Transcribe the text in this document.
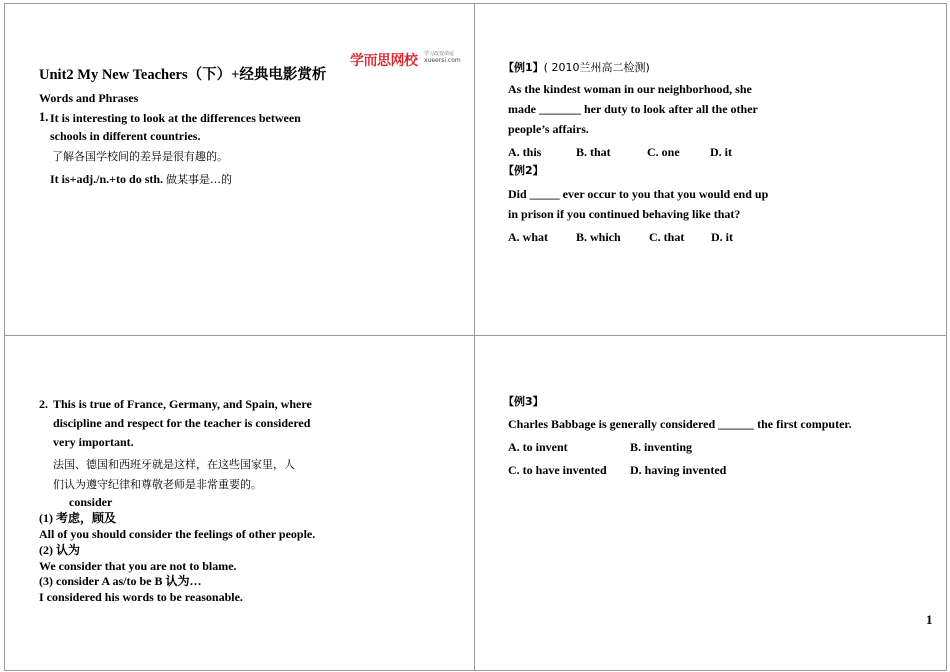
学而思网校 学习改变命运
xueersi.com
Unit2 My New Teachers（下）+经典电影赏析
Words and Phrases
1. It is interesting to look at the differences between
schools in different countries.
了解各国学校间的差异是很有趣的。
It is+adj./n.+to do sth. 做某事是…的
【例1】( 2010兰州高二检测)
As the kindest woman in our neighborhood, she
made _______ her duty to look after all the other
people’s affairs.
A. this	B. that	C. one	D. it
【例2】
Did _____ ever occur to you that you would end up
in prison if you continued behaving like that?
A. what B. which C. that D. it
2. This is true of France, Germany, and Spain, where
discipline and respect for the teacher is considered
very important.
法国、德国和西班牙就是这样，在这些国家里，人
们认为遵守纪律和尊敬老师是非常重要的。
consider
(1) 考虑，顾及
All of you should consider the feelings of other people.
(2) 认为
We consider that you are not to blame.
(3) consider A as/to be B 认为…
I considered his words to be reasonable.
【例3】
Charles Babbage is generally considered ______ the first computer.
A. to invent	B. inventing
C. to have invented D. having invented
1
